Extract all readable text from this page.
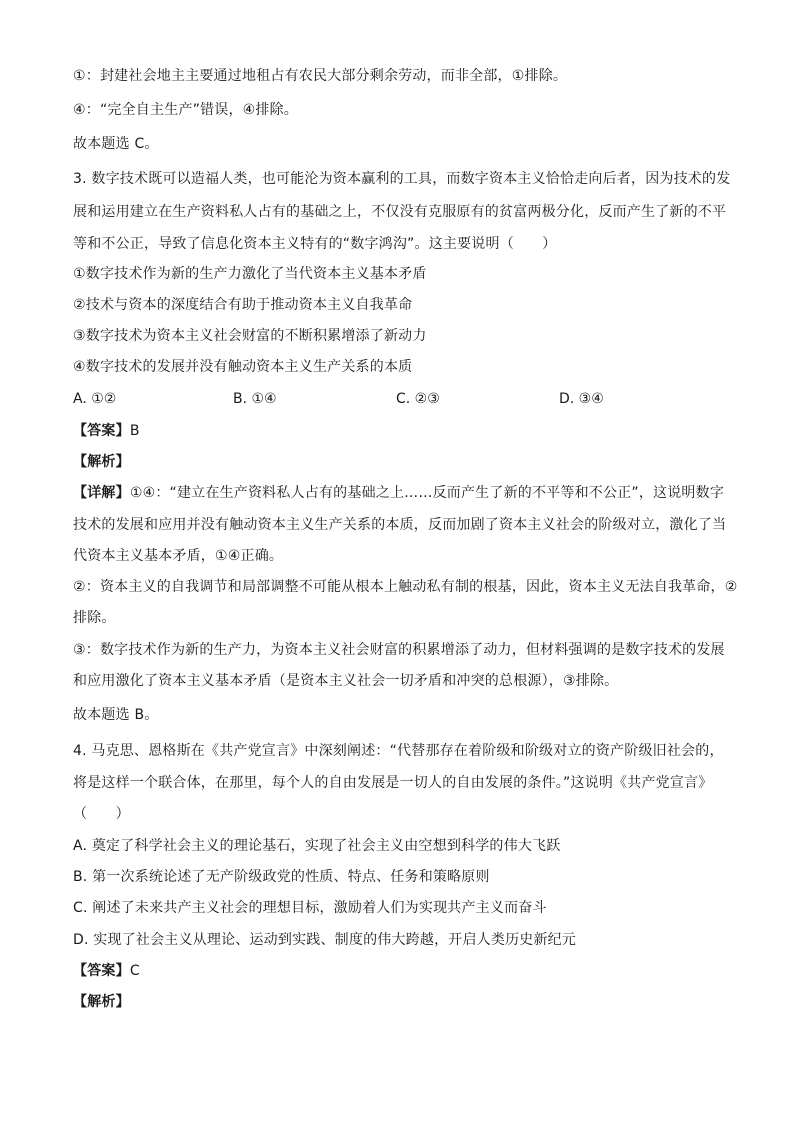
①：封建社会地主主要通过地租占有农民大部分剩余劳动，而非全部，①排除。
④：“完全自主生产”错误，④排除。
故本题选 C。
3. 数字技术既可以造福人类，也可能沦为资本赢利的工具，而数字资本主义恰恰走向后者，因为技术的发
展和运用建立在生产资料私人占有的基础之上，不仅没有克服原有的贫富两极分化，反而产生了新的不平
等和不公正，导致了信息化资本主义特有的“数字鸿沟”。这主要说明（　　）
①数字技术作为新的生产力激化了当代资本主义基本矛盾
②技术与资本的深度结合有助于推动资本主义自我革命
③数字技术为资本主义社会财富的不断积累增添了新动力
④数字技术的发展并没有触动资本主义生产关系的本质
A. ①②	B. ①④	C. ②③	D. ③④
【答案】B
【解析】
【详解】①④：“建立在生产资料私人占有的基础之上……反而产生了新的不平等和不公正”，这说明数字
技术的发展和应用并没有触动资本主义生产关系的本质，反而加剧了资本主义社会的阶级对立，激化了当
代资本主义基本矛盾，①④正确。
②：资本主义的自我调节和局部调整不可能从根本上触动私有制的根基，因此，资本主义无法自我革命，②
排除。
③：数字技术作为新的生产力，为资本主义社会财富的积累增添了动力，但材料强调的是数字技术的发展
和应用激化了资本主义基本矛盾（是资本主义社会一切矛盾和冲突的总根源），③排除。
故本题选 B。
4. 马克思、恩格斯在《共产党宣言》中深刻阐述：“代替那存在着阶级和阶级对立的资产阶级旧社会的，
将是这样一个联合体，在那里，每个人的自由发展是一切人的自由发展的条件。”这说明《共产党宣言》
（　　）
A. 奠定了科学社会主义的理论基石，实现了社会主义由空想到科学的伟大飞跃
B. 第一次系统论述了无产阶级政党的性质、特点、任务和策略原则
C. 阐述了未来共产主义社会的理想目标，激励着人们为实现共产主义而奋斗
D. 实现了社会主义从理论、运动到实践、制度的伟大跨越，开启人类历史新纪元
【答案】C
【解析】
